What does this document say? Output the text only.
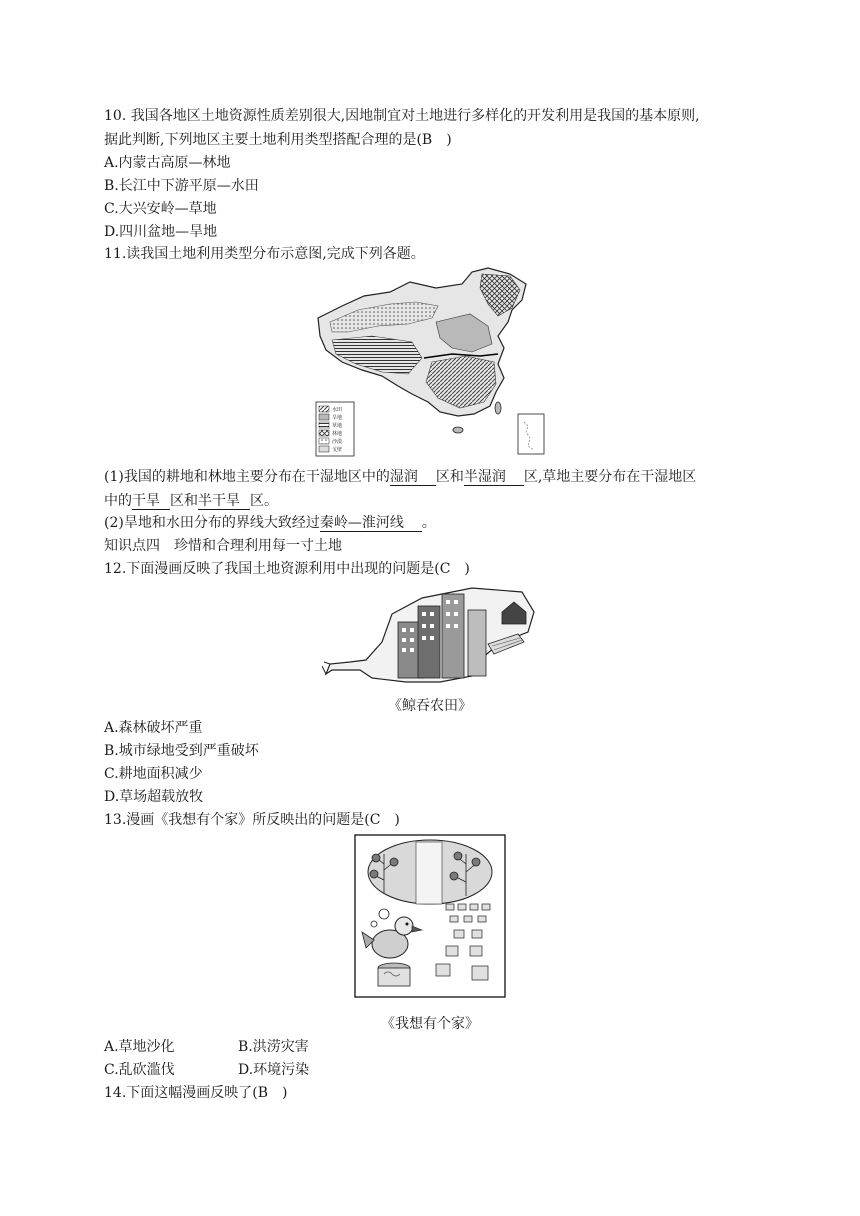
10. 我国各地区土地资源性质差别很大,因地制宜对土地进行多样化的开发利用是我国的基本原则,
据此判断,下列地区主要土地利用类型搭配合理的是(B　)
A.内蒙古高原—林地
B.长江中下游平原—水田
C.大兴安岭—草地
D.四川盆地—旱地
11.读我国土地利用类型分布示意图,完成下列各题。
水田
旱地
草地
林地
沙漠
戈壁
(1)我国的耕地和林地主要分布在干湿地区中的湿润 区和半湿润 区,草地主要分布在干湿地区
中的干旱 区和半干旱 区。
(2)旱地和水田分布的界线大致经过秦岭—淮河线 。
知识点四　珍惜和合理利用每一寸土地
12.下面漫画反映了我国土地资源利用中出现的问题是(C　)
《鲸吞农田》
A.森林破坏严重
B.城市绿地受到严重破坏
C.耕地面积减少
D.草场超载放牧
13.漫画《我想有个家》所反映出的问题是(C　)
《我想有个家》
A.草地沙化	B.洪涝灾害
C.乱砍滥伐	D.环境污染
14.下面这幅漫画反映了(B　)
